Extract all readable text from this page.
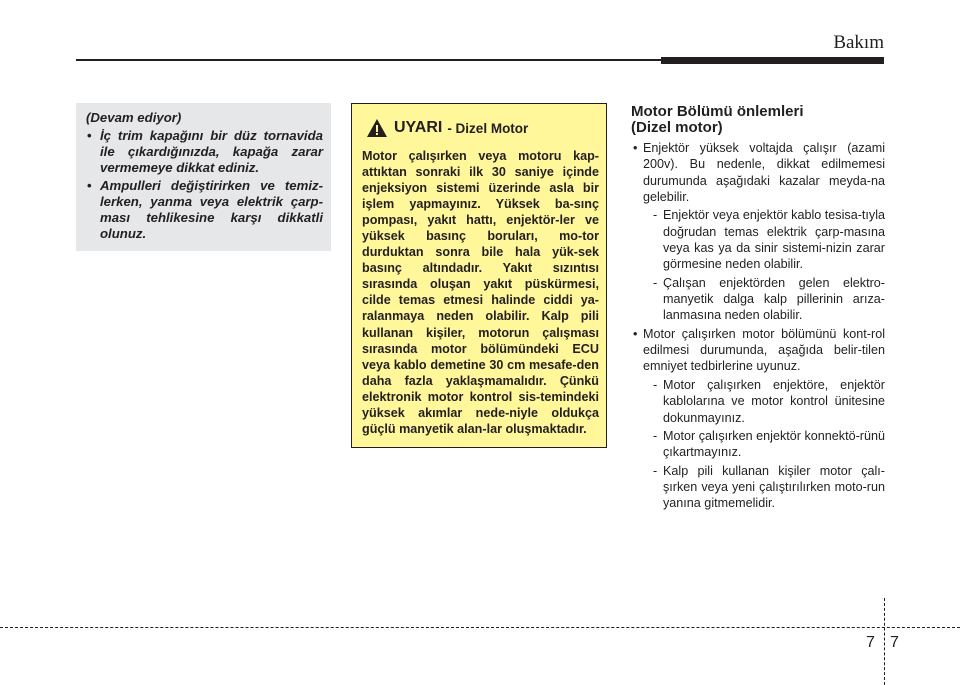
Bakım
(Devam ediyor)
• İç trim kapağını bir düz tornavida ile çıkardığınızda, kapağa zarar vermemeye dikkat ediniz.
• Ampulleri değiştirirken ve temiz-lerken, yanma veya elektrik çarp-ması tehlikesine karşı dikkatli olunuz.
UYARI - Dizel Motor
Motor çalışırken veya motoru kap-attıktan sonraki ilk 30 saniye içinde enjeksiyon sistemi üzerinde asla bir işlem yapmayınız. Yüksek ba-sınç pompası, yakıt hattı, enjektör-ler ve yüksek basınç boruları, mo-tor durduktan sonra bile hala yük-sek basınç altındadır. Yakıt sızıntısı sırasında oluşan yakıt püskürmesi, cilde temas etmesi halinde ciddi ya-ralanmaya neden olabilir. Kalp pili kullanan kişiler, motorun çalışması sırasında motor bölümündeki ECU veya kablo demetine 30 cm mesafe-den daha fazla yaklaşmamalıdır. Çünkü elektronik motor kontrol sis-temindeki yüksek akımlar nede-niyle oldukça güçlü manyetik alan-lar oluşmaktadır.
Motor Bölümü önlemleri
(Dizel motor)
• Enjektör yüksek voltajda çalışır (azami 200v). Bu nedenle, dikkat edilmemesi durumunda aşağıdaki kazalar meyda-na gelebilir.
- Enjektör veya enjektör kablo tesisa-tıyla doğrudan temas elektrik çarp-masına veya kas ya da sinir sistemi-nizin zarar görmesine neden olabilir.
- Çalışan enjektörden gelen elektro-manyetik dalga kalp pillerinin arıza-lanmasına neden olabilir.
• Motor çalışırken motor bölümünü kont-rol edilmesi durumunda, aşağıda belir-tilen emniyet tedbirlerine uyunuz.
- Motor çalışırken enjektöre, enjektör kablolarına ve motor kontrol ünitesine dokunmayınız.
- Motor çalışırken enjektör konnektö-rünü çıkartmayınız.
- Kalp pili kullanan kişiler motor çalı-şırken veya yeni çalıştırılırken moto-run yanına gitmemelidir.
7 7
